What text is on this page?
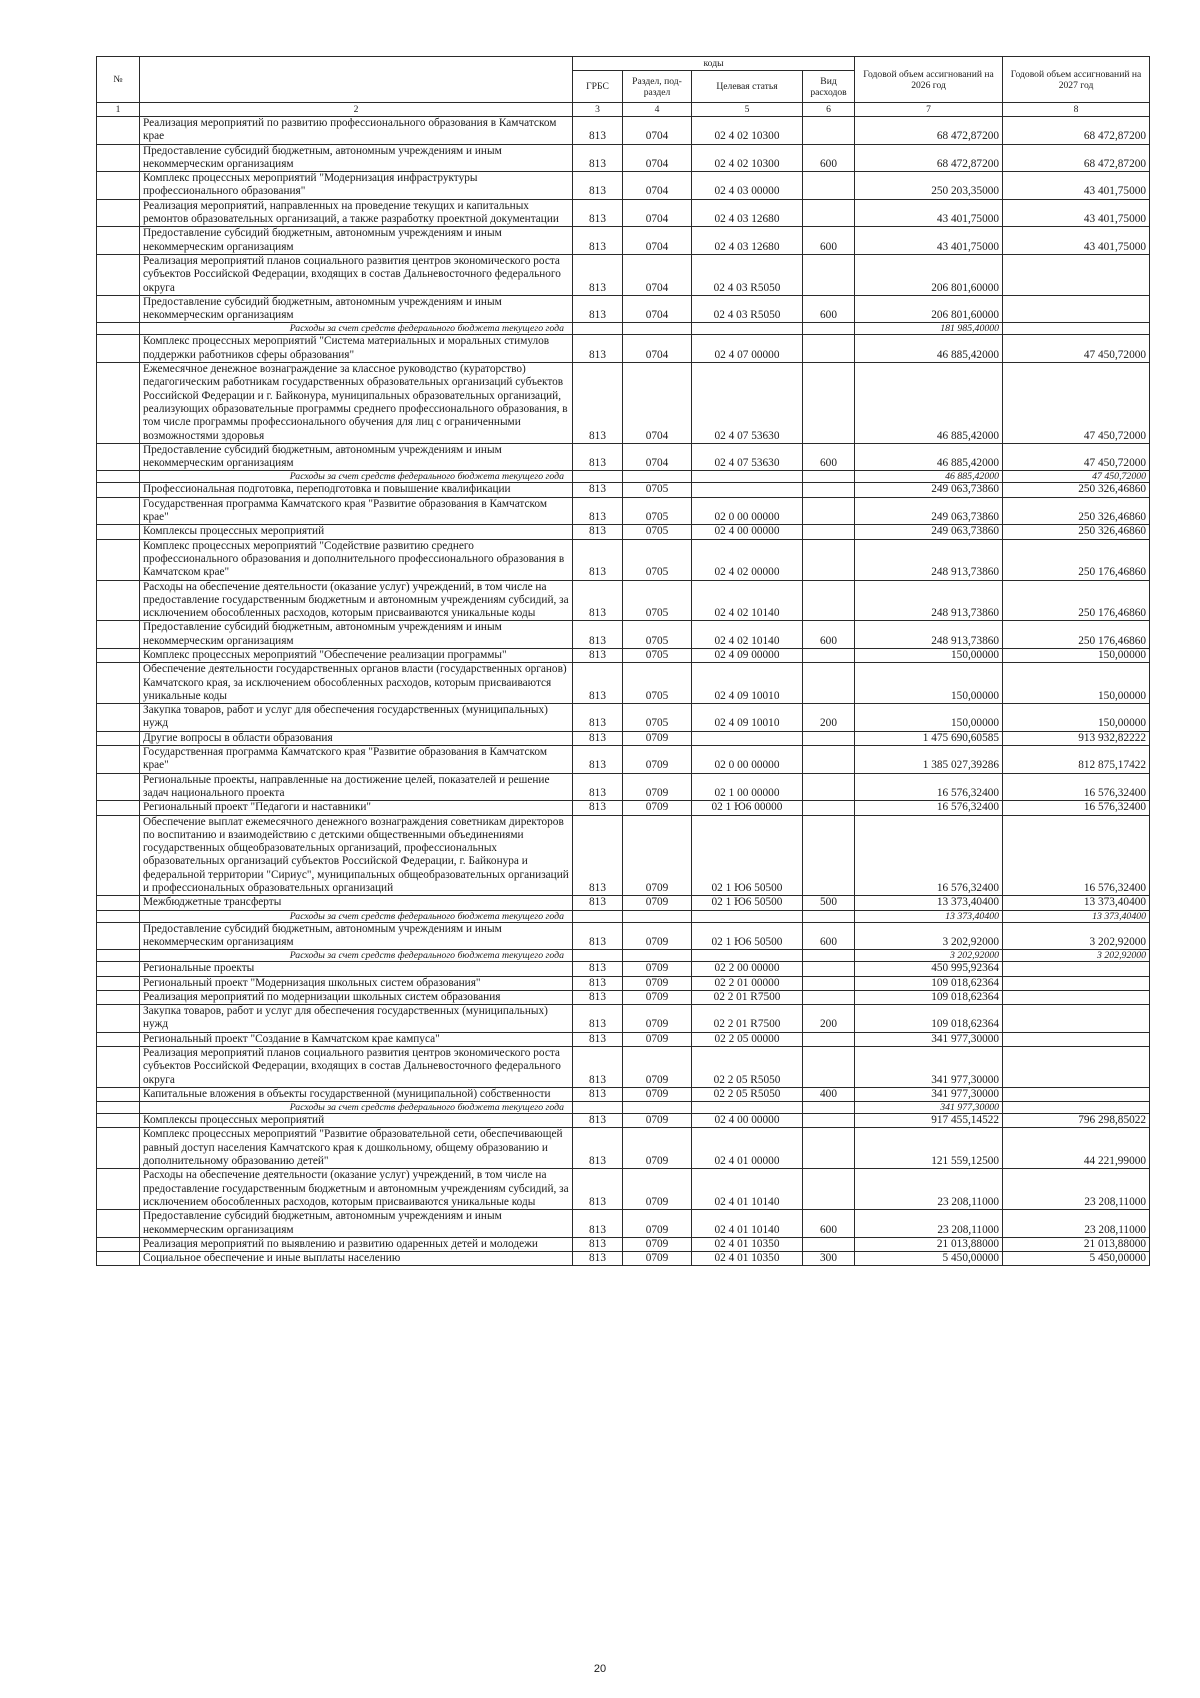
№		коды				Годовой объем ассигнований на 2026 год	Годовой объем ассигнований на 2027 год
		ГРБС	Раздел, под-раздел	Целевая статья	Вид расходов		
1	2	3	4	5	6	7	8
	Реализация мероприятий по развитию профессионального образования в Камчатском крае	813	0704	02 4 02 10300		68 472,87200	68 472,87200
	Предоставление субсидий бюджетным, автономным учреждениям и иным некоммерческим организациям	813	0704	02 4 02 10300	600	68 472,87200	68 472,87200
	Комплекс процессных мероприятий "Модернизация инфраструктуры профессионального образования"	813	0704	02 4 03 00000		250 203,35000	43 401,75000
	Реализация мероприятий, направленных на проведение текущих и капитальных ремонтов образовательных организаций, а также разработку проектной документации	813	0704	02 4 03 12680		43 401,75000	43 401,75000
	Предоставление субсидий бюджетным, автономным учреждениям и иным некоммерческим организациям	813	0704	02 4 03 12680	600	43 401,75000	43 401,75000
	Реализация мероприятий планов социального развития центров экономического роста субъектов Российской Федерации, входящих в состав Дальневосточного федерального округа	813	0704	02 4 03 R5050		206 801,60000	
	Предоставление субсидий бюджетным, автономным учреждениям и иным некоммерческим организациям	813	0704	02 4 03 R5050	600	206 801,60000	
	Расходы за счет средств федерального бюджета текущего года					181 985,40000	
	Комплекс процессных мероприятий "Система материальных и моральных стимулов поддержки работников сферы образования"	813	0704	02 4 07 00000		46 885,42000	47 450,72000
	Ежемесячное денежное вознаграждение за классное руководство (кураторство) педагогическим работникам государственных образовательных организаций субъектов Российской Федерации и г. Байконура, муниципальных образовательных организаций, реализующих образовательные программы среднего профессионального образования, в том числе программы профессионального обучения для лиц с ограниченными возможностями здоровья	813	0704	02 4 07 53630		46 885,42000	47 450,72000
	Предоставление субсидий бюджетным, автономным учреждениям и иным некоммерческим организациям	813	0704	02 4 07 53630	600	46 885,42000	47 450,72000
	Расходы за счет средств федерального бюджета текущего года					46 885,42000	47 450,72000
	Профессиональная подготовка, переподготовка и повышение квалификации	813	0705			249 063,73860	250 326,46860
	Государственная программа Камчатского края "Развитие образования в Камчатском крае"	813	0705	02 0 00 00000		249 063,73860	250 326,46860
	Комплексы процессных мероприятий	813	0705	02 4 00 00000		249 063,73860	250 326,46860
	Комплекс процессных мероприятий "Содействие развитию среднего профессионального образования и дополнительного профессионального образования в Камчатском крае"	813	0705	02 4 02 00000		248 913,73860	250 176,46860
	Расходы на обеспечение деятельности (оказание услуг) учреждений, в том числе на предоставление государственным бюджетным и автономным учреждениям субсидий, за исключением обособленных расходов, которым присваиваются уникальные коды	813	0705	02 4 02 10140		248 913,73860	250 176,46860
	Предоставление субсидий бюджетным, автономным учреждениям и иным некоммерческим организациям	813	0705	02 4 02 10140	600	248 913,73860	250 176,46860
	Комплекс процессных мероприятий "Обеспечение реализации программы"	813	0705	02 4 09 00000		150,00000	150,00000
	Обеспечение деятельности государственных органов власти (государственных органов) Камчатского края, за исключением обособленных расходов, которым присваиваются уникальные коды	813	0705	02 4 09 10010		150,00000	150,00000
	Закупка товаров, работ и услуг для обеспечения государственных (муниципальных) нужд	813	0705	02 4 09 10010	200	150,00000	150,00000
	Другие вопросы в области образования	813	0709			1 475 690,60585	913 932,82222
	Государственная программа Камчатского края "Развитие образования в Камчатском крае"	813	0709	02 0 00 00000		1 385 027,39286	812 875,17422
	Региональные проекты, направленные на достижение целей, показателей и решение задач национального проекта	813	0709	02 1 00 00000		16 576,32400	16 576,32400
	Региональный проект "Педагоги и наставники"	813	0709	02 1 Ю6 00000		16 576,32400	16 576,32400
	Обеспечение выплат ежемесячного денежного вознаграждения советникам директоров по воспитанию и взаимодействию с детскими общественными объединениями государственных общеобразовательных организаций, профессиональных образовательных организаций субъектов Российской Федерации, г. Байконура и федеральной территории "Сириус", муниципальных общеобразовательных организаций и профессиональных образовательных организаций	813	0709	02 1 Ю6 50500		16 576,32400	16 576,32400
	Межбюджетные трансферты	813	0709	02 1 Ю6 50500	500	13 373,40400	13 373,40400
	Расходы за счет средств федерального бюджета текущего года					13 373,40400	13 373,40400
	Предоставление субсидий бюджетным, автономным учреждениям и иным некоммерческим организациям	813	0709	02 1 Ю6 50500	600	3 202,92000	3 202,92000
	Расходы за счет средств федерального бюджета текущего года					3 202,92000	3 202,92000
	Региональные проекты	813	0709	02 2 00 00000		450 995,92364	
	Региональный проект "Модернизация школьных систем образования"	813	0709	02 2 01 00000		109 018,62364	
	Реализация мероприятий по модернизации школьных систем образования	813	0709	02 2 01 R7500		109 018,62364	
	Закупка товаров, работ и услуг для обеспечения государственных (муниципальных) нужд	813	0709	02 2 01 R7500	200	109 018,62364	
	Региональный проект "Создание в Камчатском крае кампуса"	813	0709	02 2 05 00000		341 977,30000	
	Реализация мероприятий планов социального развития центров экономического роста субъектов Российской Федерации, входящих в состав Дальневосточного федерального округа	813	0709	02 2 05 R5050		341 977,30000	
	Капитальные вложения в объекты государственной (муниципальной) собственности	813	0709	02 2 05 R5050	400	341 977,30000	
	Расходы за счет средств федерального бюджета текущего года					341 977,30000	
	Комплексы процессных мероприятий	813	0709	02 4 00 00000		917 455,14522	796 298,85022
	Комплекс процессных мероприятий "Развитие образовательной сети, обеспечивающей равный доступ населения Камчатского края к дошкольному, общему образованию и дополнительному образованию детей"	813	0709	02 4 01 00000		121 559,12500	44 221,99000
	Расходы на обеспечение деятельности (оказание услуг) учреждений, в том числе на предоставление государственным бюджетным и автономным учреждениям субсидий, за исключением обособленных расходов, которым присваиваются уникальные коды	813	0709	02 4 01 10140		23 208,11000	23 208,11000
	Предоставление субсидий бюджетным, автономным учреждениям и иным некоммерческим организациям	813	0709	02 4 01 10140	600	23 208,11000	23 208,11000
	Реализация мероприятий по выявлению и развитию одаренных детей и молодежи	813	0709	02 4 01 10350		21 013,88000	21 013,88000
	Социальное обеспечение и иные выплаты населению	813	0709	02 4 01 10350	300	5 450,00000	5 450,00000
20
